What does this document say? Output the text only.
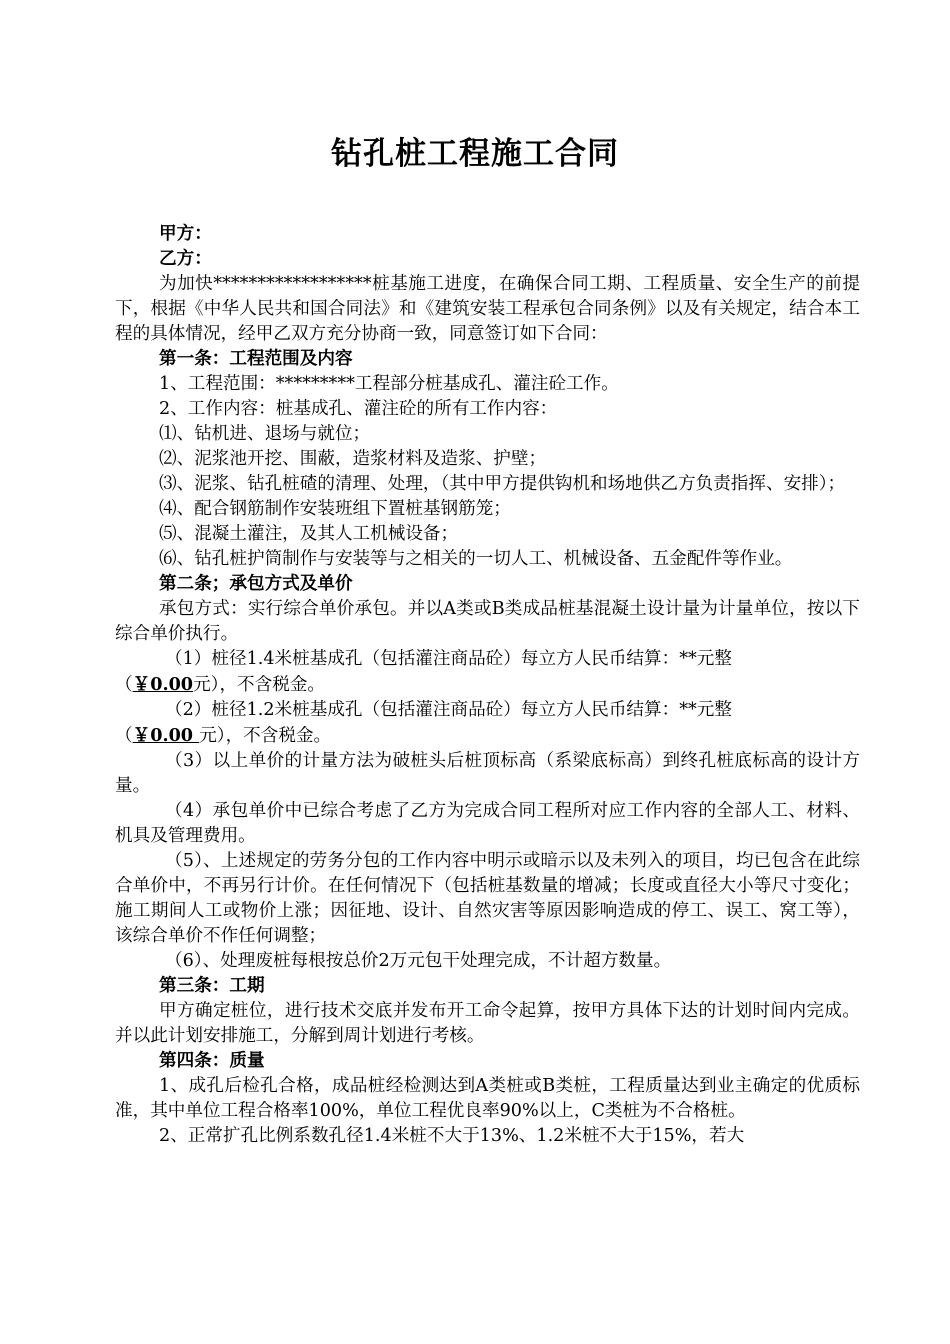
钻孔桩工程施工合同

甲方：

乙方：

为加快******************桩基施工进度，在确保合同工期、工程质量、安全生产的前提下，根据《中华人民共和国合同法》和《建筑安装工程承包合同条例》以及有关规定，结合本工程的具体情况，经甲乙双方充分协商一致，同意签订如下合同：

第一条：工程范围及内容

1、工程范围：*********工程部分桩基成孔、灌注砼工作。

2、工作内容：桩基成孔、灌注砼的所有工作内容：

⑴、钻机进、退场与就位；

⑵、泥浆池开挖、围蔽，造浆材料及造浆、护壁；

⑶、泥浆、钻孔桩碴的清理、处理，（其中甲方提供钩机和场地供乙方负责指挥、安排）；

⑷、配合钢筋制作安装班组下置桩基钢筋笼；

⑸、混凝土灌注，及其人工机械设备；

⑹、钻孔桩护筒制作与安装等与之相关的一切人工、机械设备、五金配件等作业。

第二条；承包方式及单价

承包方式：实行综合单价承包。并以A类或B类成品桩基混凝土设计量为计量单位，按以下综合单价执行。

（1）桩径1.4米桩基成孔（包括灌注商品砼）每立方人民币结算：**元整

（￥0.00元），不含税金。

（2）桩径1.2米桩基成孔（包括灌注商品砼）每立方人民币结算：**元整

（￥0.00 元），不含税金。

（3）以上单价的计量方法为破桩头后桩顶标高（系梁底标高）到终孔桩底标高的设计方量。

（4）承包单价中已综合考虑了乙方为完成合同工程所对应工作内容的全部人工、材料、机具及管理费用。

（5）、上述规定的劳务分包的工作内容中明示或暗示以及未列入的项目，均已包含在此综合单价中，不再另行计价。在任何情况下（包括桩基数量的增减；长度或直径大小等尺寸变化；施工期间人工或物价上涨；因征地、设计、自然灾害等原因影响造成的停工、误工、窝工等），该综合单价不作任何调整；

（6）、处理废桩每根按总价2万元包干处理完成，不计超方数量。

第三条：工期

甲方确定桩位，进行技术交底并发布开工命令起算，按甲方具体下达的计划时间内完成。并以此计划安排施工，分解到周计划进行考核。

第四条：质量

1、成孔后检孔合格，成品桩经检测达到A类桩或B类桩，工程质量达到业主确定的优质标准，其中单位工程合格率100%，单位工程优良率90%以上，C类桩为不合格桩。

2、正常扩孔比例系数孔径1.4米桩不大于13%、1.2米桩不大于15%，若大
